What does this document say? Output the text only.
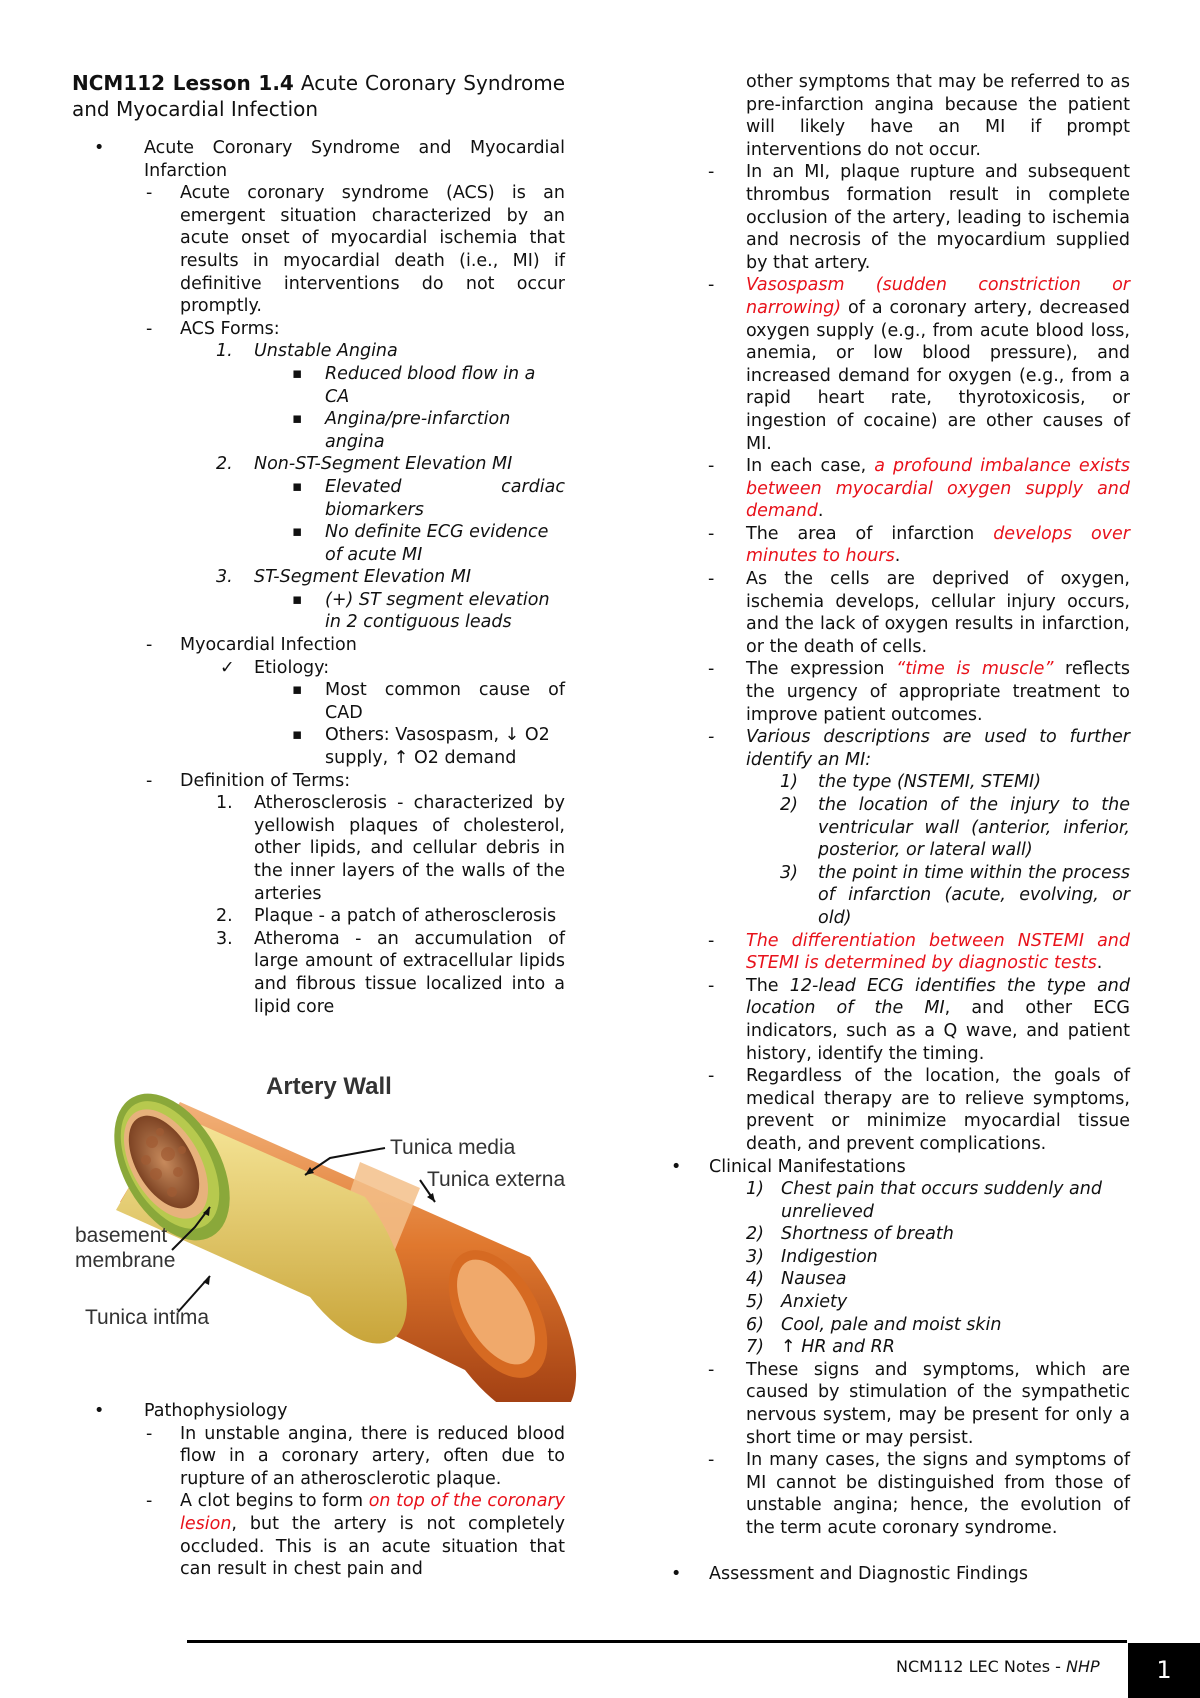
NCM112 Lesson 1.4 Acute Coronary Syndrome and Myocardial Infection

• Acute Coronary Syndrome and Myocardial Infarction

- Acute coronary syndrome (ACS) is an emergent situation characterized by an acute onset of myocardial ischemia that results in myocardial death (i.e., MI) if definitive interventions do not occur promptly.

- ACS Forms:

1. Unstable Angina

▪ Reduced blood flow in a CA

▪ Angina/pre-infarction angina

2. Non-ST-Segment Elevation MI

▪ Elevated cardiac biomarkers

▪ No definite ECG evidence of acute MI

3. ST-Segment Elevation MI

▪ (+) ST segment elevation in 2 contiguous leads

- Myocardial Infection

✓ Etiology:

▪ Most common cause of CAD

▪ Others: Vasospasm, ↓ O2 supply, ↑ O2 demand

- Definition of Terms:

1. Atherosclerosis - characterized by yellowish plaques of cholesterol, other lipids, and cellular debris in the inner layers of the walls of the arteries

2. Plaque - a patch of atherosclerosis

3. Atheroma - an accumulation of large amount of extracellular lipids and fibrous tissue localized into a lipid core

Artery Wall
Tunica media
Tunica externa
basement
membrane
Tunica intima

• Pathophysiology

- In unstable angina, there is reduced blood flow in a coronary artery, often due to rupture of an atherosclerotic plaque.

- A clot begins to form on top of the coronary lesion, but the artery is not completely occluded. This is an acute situation that can result in chest pain and

other symptoms that may be referred to as pre-infarction angina because the patient will likely have an MI if prompt interventions do not occur.

- In an MI, plaque rupture and subsequent thrombus formation result in complete occlusion of the artery, leading to ischemia and necrosis of the myocardium supplied by that artery.

- Vasospasm (sudden constriction or narrowing) of a coronary artery, decreased oxygen supply (e.g., from acute blood loss, anemia, or low blood pressure), and increased demand for oxygen (e.g., from a rapid heart rate, thyrotoxicosis, or ingestion of cocaine) are other causes of MI.

- In each case, a profound imbalance exists between myocardial oxygen supply and demand.

- The area of infarction develops over minutes to hours.

- As the cells are deprived of oxygen, ischemia develops, cellular injury occurs, and the lack of oxygen results in infarction, or the death of cells.

- The expression “time is muscle” reflects the urgency of appropriate treatment to improve patient outcomes.

- Various descriptions are used to further identify an MI:

1) the type (NSTEMI, STEMI)

2) the location of the injury to the ventricular wall (anterior, inferior, posterior, or lateral wall)

3) the point in time within the process of infarction (acute, evolving, or old)

- The differentiation between NSTEMI and STEMI is determined by diagnostic tests.

- The 12-lead ECG identifies the type and location of the MI, and other ECG indicators, such as a Q wave, and patient history, identify the timing.

- Regardless of the location, the goals of medical therapy are to relieve symptoms, prevent or minimize myocardial tissue death, and prevent complications.

• Clinical Manifestations

1) Chest pain that occurs suddenly and unrelieved

2) Shortness of breath

3) Indigestion

4) Nausea

5) Anxiety

6) Cool, pale and moist skin

7) ↑ HR and RR

- These signs and symptoms, which are caused by stimulation of the sympathetic nervous system, may be present for only a short time or may persist.

- In many cases, the signs and symptoms of MI cannot be distinguished from those of unstable angina; hence, the evolution of the term acute coronary syndrome.

• Assessment and Diagnostic Findings

NCM112 LEC Notes - NHP	1
